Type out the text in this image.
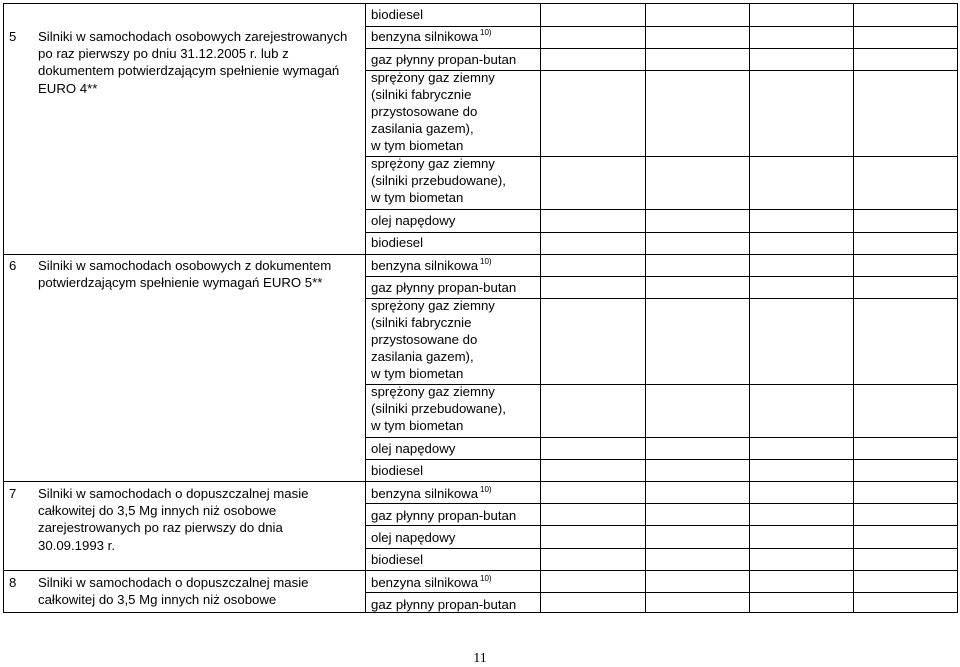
biodiesel
5 Silniki w samochodach osobowych zarejestrowanych po raz pierwszy po dniu 31.12.2005 r. lub z dokumentem potwierdzającym spełnienie wymagań EURO 4**
benzyna silnikowa $^{10)}$
gaz płynny propan-butan
sprężony gaz ziemny
(silniki fabrycznie
przystosowane do
zasilania gazem),
w tym biometan
sprężony gaz ziemny
(silniki przebudowane),
w tym biometan
olej napędowy
biodiesel
6 Silniki w samochodach osobowych z dokumentem potwierdzającym spełnienie wymagań EURO 5**
benzyna silnikowa $^{10)}$
gaz płynny propan-butan
sprężony gaz ziemny
(silniki fabrycznie
przystosowane do
zasilania gazem),
w tym biometan
sprężony gaz ziemny
(silniki przebudowane),
w tym biometan
olej napędowy
biodiesel
7 Silniki w samochodach o dopuszczalnej masie całkowitej do 3,5 Mg innych niż osobowe zarejestrowanych po raz pierwszy do dnia 30.09.1993 r.
benzyna silnikowa $^{10)}$
gaz płynny propan-butan
olej napędowy
biodiesel
8 Silniki w samochodach o dopuszczalnej masie całkowitej do 3,5 Mg innych niż osobowe
benzyna silnikowa $^{10)}$
gaz płynny propan-butan
11
